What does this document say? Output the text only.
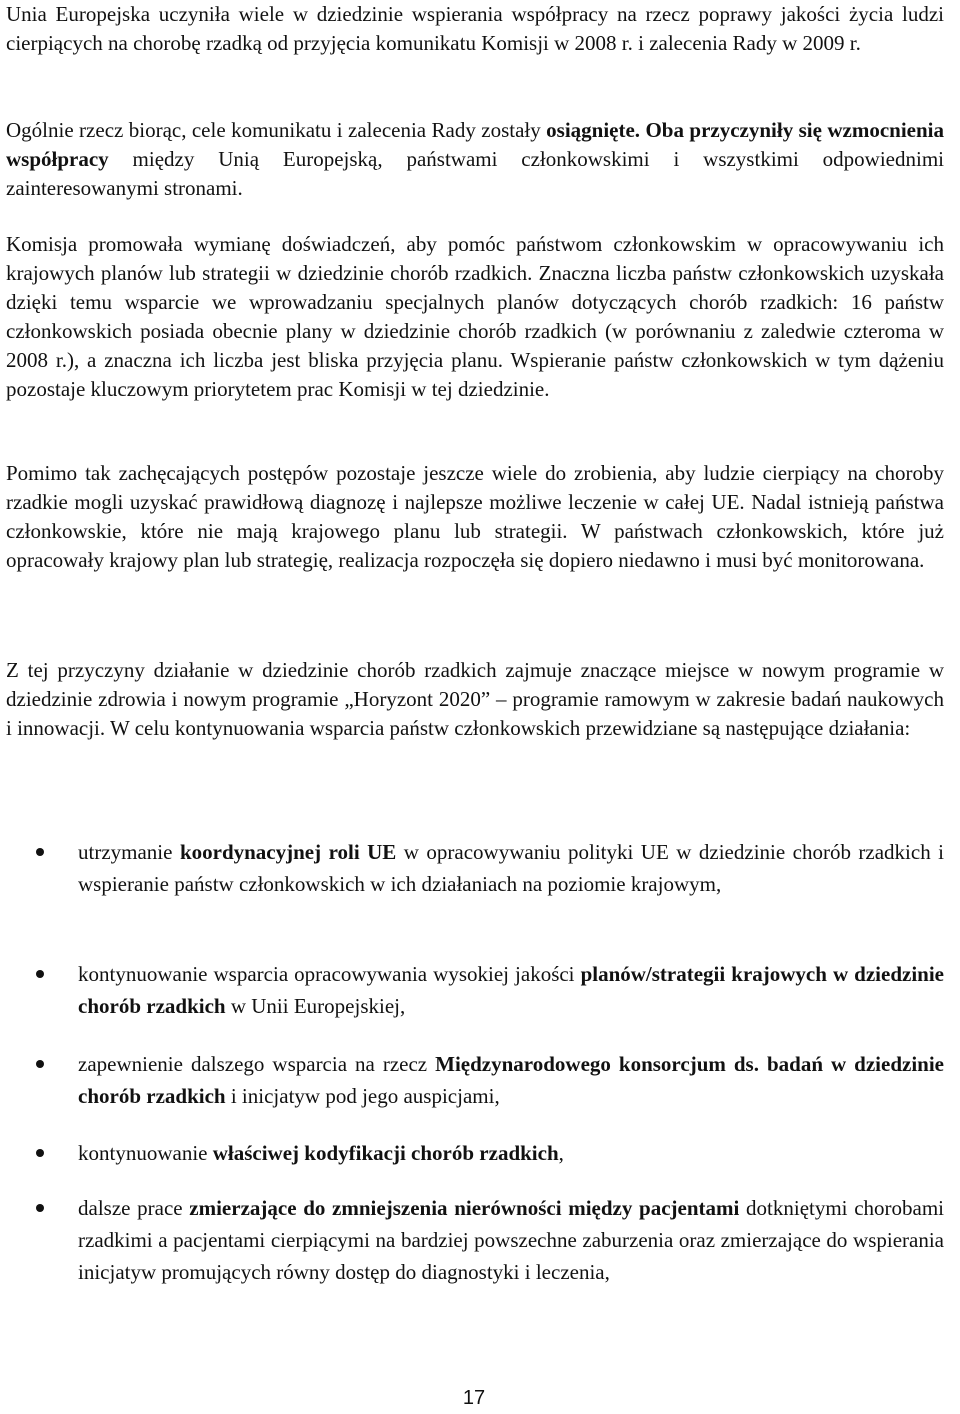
Unia Europejska uczyniła wiele w dziedzinie wspierania współpracy na rzecz poprawy jakości życia ludzi cierpiących na chorobę rzadką od przyjęcia komunikatu Komisji w 2008 r. i zalecenia Rady w 2009 r.

Ogólnie rzecz biorąc, cele komunikatu i zalecenia Rady zostały osiągnięte. Oba przyczyniły się wzmocnienia współpracy między Unią Europejską, państwami członkowskimi i wszystkimi odpowiednimi zainteresowanymi stronami.

Komisja promowała wymianę doświadczeń, aby pomóc państwom członkowskim w opracowywaniu ich krajowych planów lub strategii w dziedzinie chorób rzadkich. Znaczna liczba państw członkowskich uzyskała dzięki temu wsparcie we wprowadzaniu specjalnych planów dotyczących chorób rzadkich: 16 państw członkowskich posiada obecnie plany w dziedzinie chorób rzadkich (w porównaniu z zaledwie czteroma w 2008 r.), a znaczna ich liczba jest bliska przyjęcia planu. Wspieranie państw członkowskich w tym dążeniu pozostaje kluczowym priorytetem prac Komisji w tej dziedzinie.

Pomimo tak zachęcających postępów pozostaje jeszcze wiele do zrobienia, aby ludzie cierpiący na choroby rzadkie mogli uzyskać prawidłową diagnozę i najlepsze możliwe leczenie w całej UE. Nadal istnieją państwa członkowskie, które nie mają krajowego planu lub strategii. W państwach członkowskich, które już opracowały krajowy plan lub strategię, realizacja rozpoczęła się dopiero niedawno i musi być monitorowana.

Z tej przyczyny działanie w dziedzinie chorób rzadkich zajmuje znaczące miejsce w nowym programie w dziedzinie zdrowia i nowym programie „Horyzont 2020” – programie ramowym w zakresie badań naukowych i innowacji. W celu kontynuowania wsparcia państw członkowskich przewidziane są następujące działania:

utrzymanie koordynacyjnej roli UE w opracowywaniu polityki UE w dziedzinie chorób rzadkich i wspieranie państw członkowskich w ich działaniach na poziomie krajowym,
kontynuowanie wsparcia opracowywania wysokiej jakości planów/strategii krajowych w dziedzinie chorób rzadkich w Unii Europejskiej,
zapewnienie dalszego wsparcia na rzecz Międzynarodowego konsorcjum ds. badań w dziedzinie chorób rzadkich i inicjatyw pod jego auspicjami,
kontynuowanie właściwej kodyfikacji chorób rzadkich,
dalsze prace zmierzające do zmniejszenia nierówności między pacjentami dotkniętymi chorobami rzadkimi a pacjentami cierpiącymi na bardziej powszechne zaburzenia oraz zmierzające do wspierania inicjatyw promujących równy dostęp do diagnostyki i leczenia,
17
